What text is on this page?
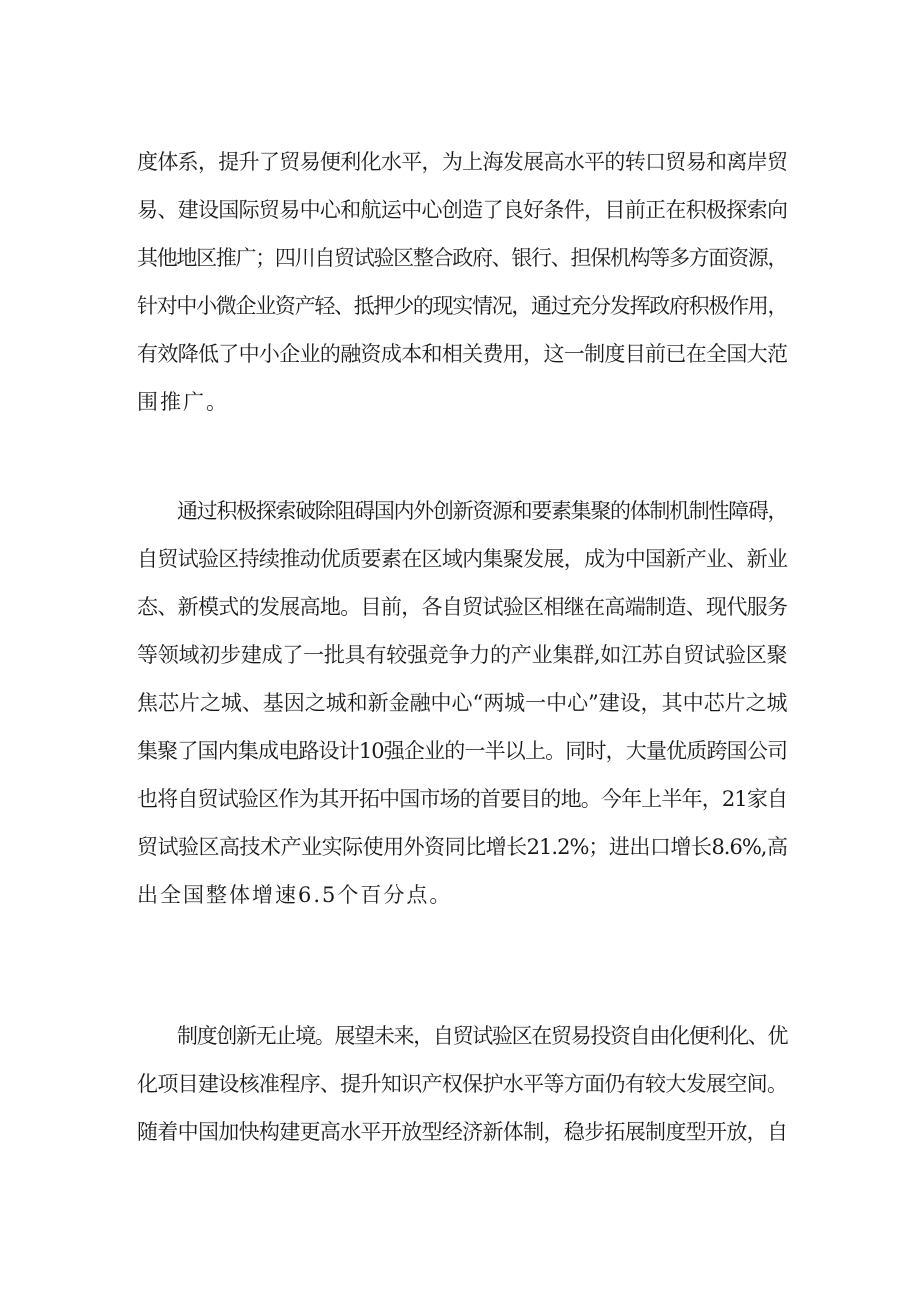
度体系，提升了贸易便利化水平，为上海发展高水平的转口贸易和离岸贸
易、建设国际贸易中心和航运中心创造了良好条件，目前正在积极探索向
其他地区推广；四川自贸试验区整合政府、银行、担保机构等多方面资源，
针对中小微企业资产轻、抵押少的现实情况，通过充分发挥政府积极作用，
有效降低了中小企业的融资成本和相关费用，这一制度目前已在全国大范
围推广。
通过积极探索破除阻碍国内外创新资源和要素集聚的体制机制性障碍，
自贸试验区持续推动优质要素在区域内集聚发展，成为中国新产业、新业
态、新模式的发展高地。目前，各自贸试验区相继在高端制造、现代服务
等领域初步建成了一批具有较强竞争力的产业集群,如江苏自贸试验区聚
焦芯片之城、基因之城和新金融中心“两城一中心”建设，其中芯片之城
集聚了国内集成电路设计10强企业的一半以上。同时，大量优质跨国公司
也将自贸试验区作为其开拓中国市场的首要目的地。今年上半年，21家自
贸试验区高技术产业实际使用外资同比增长21.2%；进出口增长8.6%,高
出全国整体增速6.5个百分点。
制度创新无止境。展望未来，自贸试验区在贸易投资自由化便利化、优
化项目建设核准程序、提升知识产权保护水平等方面仍有较大发展空间。
随着中国加快构建更高水平开放型经济新体制，稳步拓展制度型开放，自
